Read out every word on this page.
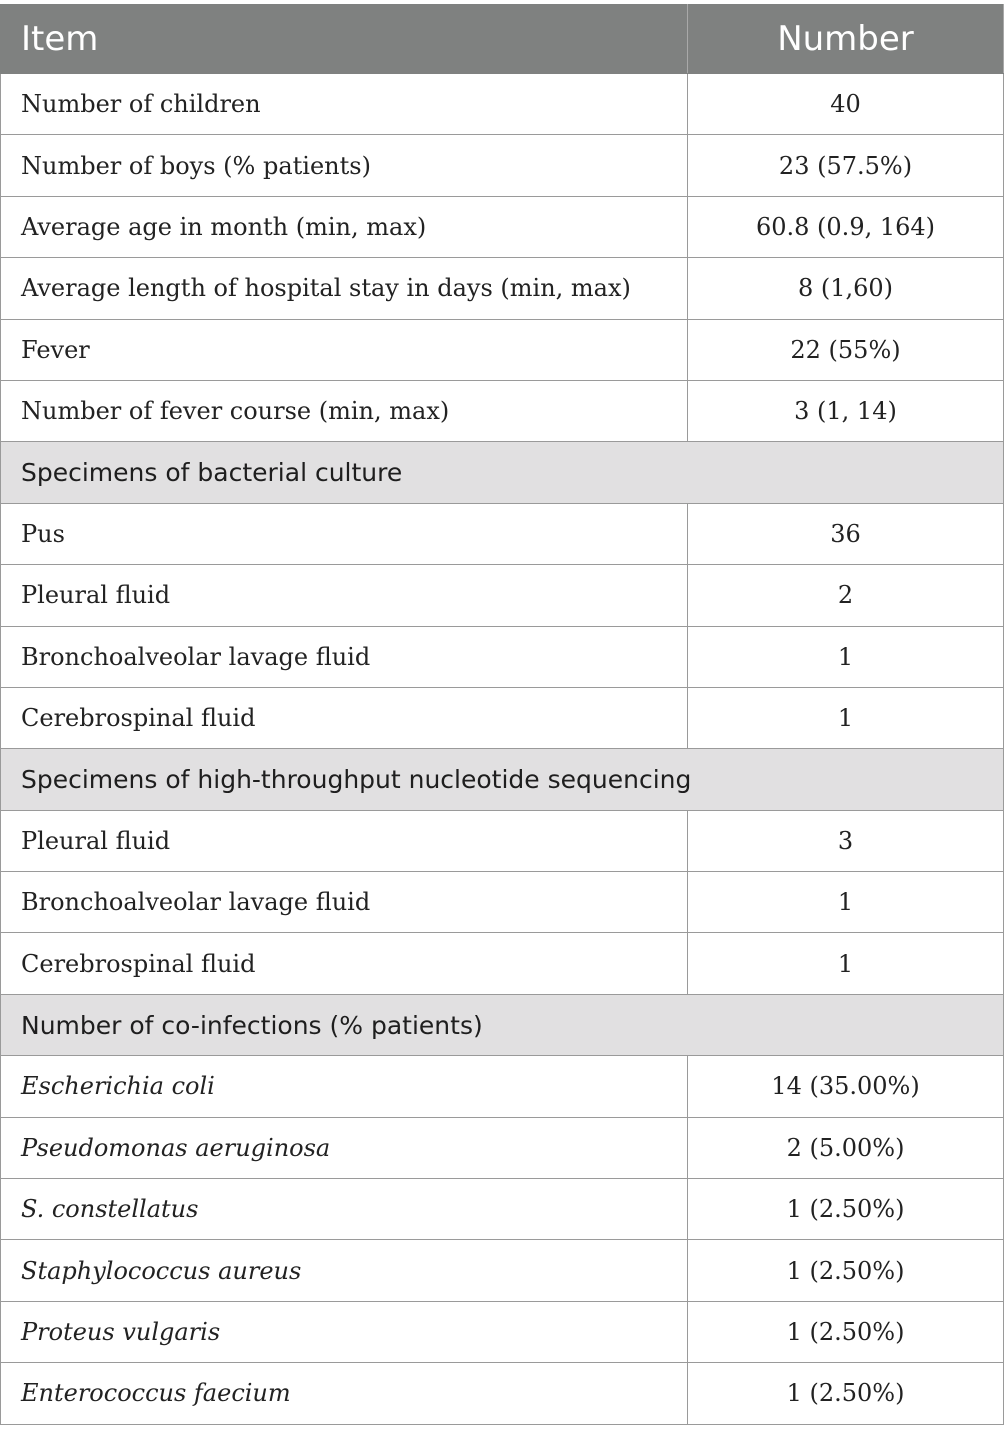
Item	Number
Number of children	40
Number of boys (% patients)	23 (57.5%)
Average age in month (min, max)	60.8 (0.9, 164)
Average length of hospital stay in days (min, max)	8 (1,60)
Fever	22 (55%)
Number of fever course (min, max)	3 (1, 14)
Specimens of bacterial culture	
Pus	36
Pleural fluid	2
Bronchoalveolar lavage fluid	1
Cerebrospinal fluid	1
Specimens of high-throughput nucleotide sequencing	
Pleural fluid	3
Bronchoalveolar lavage fluid	1
Cerebrospinal fluid	1
Number of co-infections (% patients)	
Escherichia coli	14 (35.00%)
Pseudomonas aeruginosa	2 (5.00%)
S. constellatus	1 (2.50%)
Staphylococcus aureus	1 (2.50%)
Proteus vulgaris	1 (2.50%)
Enterococcus faecium	1 (2.50%)
